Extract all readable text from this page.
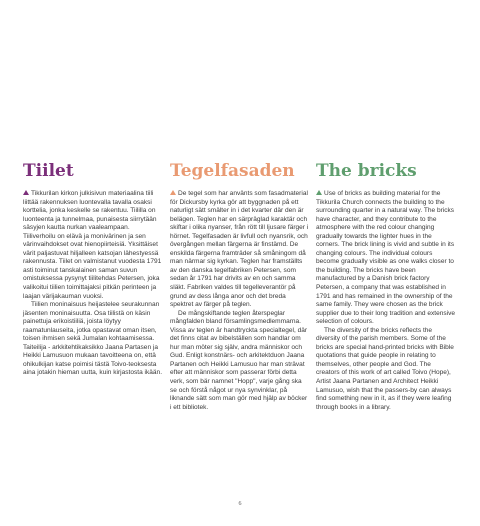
Tiilet

Tikkurilan kirkon julkisivun materiaalina tiili liittää rakennuksen luontevalla tavalla osaksi korttelia, jonka keskelle se rakentuu. Tiililla on luonteenta ja tunnelmaa, punaisesta siirrytään säsyjen kautta nurkan vaaleampaan. Tiiliverhoilu on elävä ja monivärinen ja sen värinvaihdokset ovat hienopiirteisiä. Yksittäiset värit paljastuvat hiljalleen katsojan lähestyessä rakennusta. Tiilet on valmistanut vuodesta 1791 asti toiminut tanskalainen saman suvun omistuksessa pysynyt tiilitehdas Petersen, joka valikoitui tiilien toimittajaksi pitkän perinteen ja laajan värijakauman vuoksi.

Tiilien moninaisuus heijastelee seurakunnan jäsenten moninaisuutta. Osa tiilistä on käsin painettuja erikoistiiliä, joista löytyy raamatunlauseita, jotka opastavat oman itsen, toisen ihmisen sekä Jumalan kohtaamisessa. Taiteilija - arkkitehtikaksikko Jaana Partasen ja Heikki Lamusuon mukaan tavoitteena on, että ohikulkijan katse poimisi tästä Toivo-teoksesta aina jotakin hieman uutta, kuin kirjastosta ikään.

Tegelfasaden

De tegel som har använts som fasadmaterial för Dickursby kyrka gör att byggnaden på ett naturligt sätt smälter in i det kvarter där den är belägen. Teglen har en särpräglad karaktär och skiftar i olika nyanser, från rött till ljusare färger i hörnet. Tegelfasaden är livfull och nyansrik, och övergången mellan färgerna är finstämd. De enskilda färgerna framträder så småningom då man närmar sig kyrkan. Teglen har framställts av den danska tegelfabriken Petersen, som sedan år 1791 har drivits av en och samma släkt. Fabriken valdes till tegelleverantör på grund av dess långa anor och det breda spektret av färger på teglen.

De mångskiftande teglen återspeglar mångfalden bland församlingsmedlemmarna. Vissa av teglen är handtryckta specialtegel, där det finns citat av bibelställen som handlar om hur man möter sig själv, andra människor och Gud. Enligt konstnärs- och arkitektduon Jaana Partanen och Heikki Lamusuo har man strävat efter att människor som passerar förbi detta verk, som bär namnet "Hopp", varje gång ska se och förstå något ur nya synvinklar, på liknande sätt som man gör med hjälp av böcker i ett bibliotek.

The bricks

Use of bricks as building material for the Tikkurila Church connects the building to the surrounding quarter in a natural way. The bricks have character, and they contribute to the atmosphere with the red colour changing gradually towards the lighter hues in the corners. The brick lining is vivid and subtle in its changing colours. The individual colours become gradually visible as one walks closer to the building. The bricks have been manufactured by a Danish brick factory Petersen, a company that was established in 1791 and has remained in the ownership of the same family. They were chosen as the brick supplier due to their long tradition and extensive selection of colours.

The diversity of the bricks reflects the diversity of the parish members. Some of the bricks are special hand-printed bricks with Bible quotations that guide people in relating to themselves, other people and God. The creators of this work of art called Toivo (Hope), Artist Jaana Partanen and Architect Heikki Lamusuo, wish that the passers-by can always find something new in it, as if they were leafing through books in a library.

6
